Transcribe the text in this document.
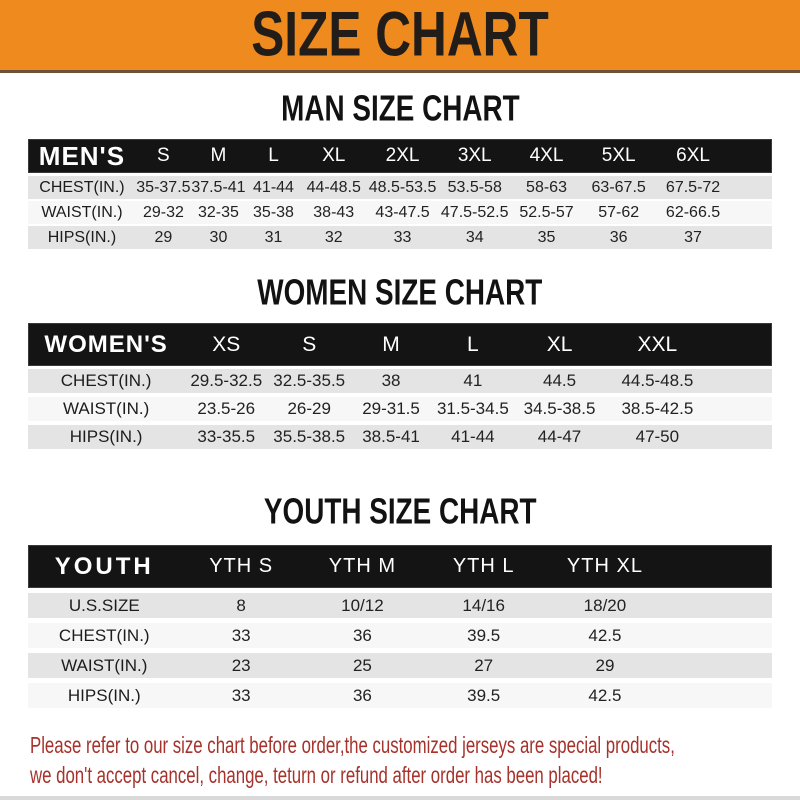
SIZE CHART
MAN SIZE CHART
MEN'S	S	M	L	XL	2XL	3XL	4XL	5XL	6XL
CHEST(IN.) 35-37.5 37.5-41 41-44 44-48.5 48.5-53.5 53.5-58	58-63	63-67.5	67.5-72
WAIST(IN.)	29-32 32-35 35-38	38-43	43-47.5 47.5-52.5 52.5-57	57-62	62-66.5
HIPS(IN.)	29	30	31	32	33	34	35	36	37
WOMEN SIZE CHART
WOMEN'S	XS	S	M	L	XL	XXL
CHEST(IN.)	29.5-32.5 32.5-35.5	38	41	44.5	44.5-48.5
WAIST(IN.)	23.5-26	26-29	29-31.5	31.5-34.5 34.5-38.5	38.5-42.5
HIPS(IN.)	33-35.5	35.5-38.5	38.5-41	41-44	44-47	47-50
YOUTH SIZE CHART
YOUTH	YTH S	YTH M	YTH L	YTH XL
U.S.SIZE	8	10/12	14/16	18/20
CHEST(IN.)	33	36	39.5	42.5
WAIST(IN.)	23	25	27	29
HIPS(IN.)	33	36	39.5	42.5

Please refer to our size chart before order,the customized jerseys are special products,

we don't accept cancel, change, teturn or refund after order has been placed!
